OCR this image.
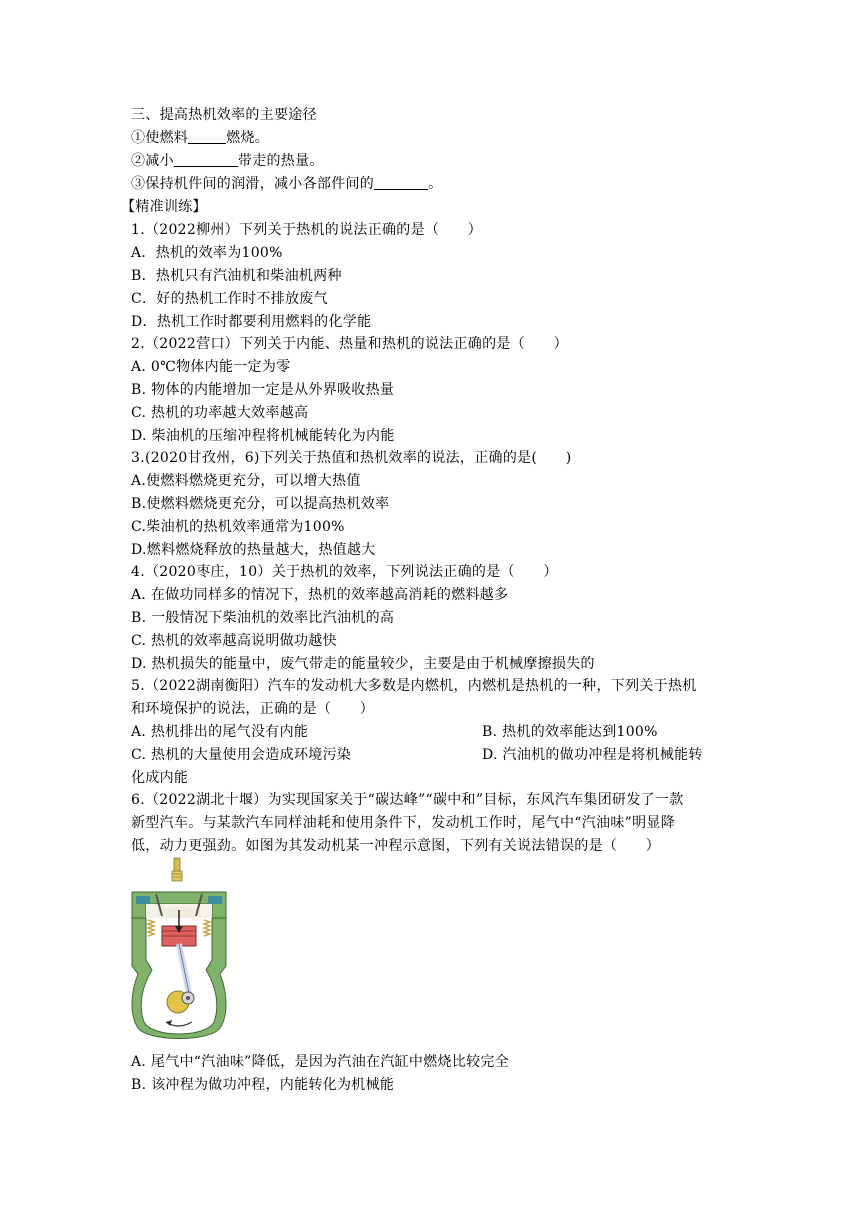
三、提高热机效率的主要途径
①使燃料	燃烧。
②减小	带走的热量。
③保持机件间的润滑，减小各部件间的	。
【精准训练】
1.（2022柳州）下列关于热机的说法正确的是（　　）
A．热机的效率为100%
B．热机只有汽油机和柴油机两种
C．好的热机工作时不排放废气
D．热机工作时都要利用燃料的化学能
2.（2022营口）下列关于内能、热量和热机的说法正确的是（　　）
A. 0℃物体内能一定为零
B. 物体的内能增加一定是从外界吸收热量
C. 热机的功率越大效率越高
D. 柴油机的压缩冲程将机械能转化为内能
3.(2020甘孜州，6)下列关于热值和热机效率的说法，正确的是(　　)
A.使燃料燃烧更充分，可以增大热值
B.使燃料燃烧更充分，可以提高热机效率
C.柴油机的热机效率通常为100%
D.燃料燃烧释放的热量越大，热值越大
4.（2020枣庄，10）关于热机的效率，下列说法正确的是（　　）
A. 在做功同样多的情况下，热机的效率越高消耗的燃料越多
B. 一般情况下柴油机的效率比汽油机的高
C. 热机的效率越高说明做功越快
D. 热机损失的能量中，废气带走的能量较少，主要是由于机械摩擦损失的
5.（2022湖南衡阳）汽车的发动机大多数是内燃机，内燃机是热机的一种，下列关于热机
和环境保护的说法，正确的是（　　）
A. 热机排出的尾气没有内能	B. 热机的效率能达到100%
C. 热机的大量使用会造成环境污染	D. 汽油机的做功冲程是将机械能转
化成内能
6.（2022湖北十堰）为实现国家关于“碳达峰”“碳中和”目标，东风汽车集团研发了一款
新型汽车。与某款汽车同样油耗和使用条件下，发动机工作时，尾气中“汽油味”明显降
低，动力更强劲。如图为其发动机某一冲程示意图，下列有关说法错误的是（　　）
A. 尾气中“汽油味”降低，是因为汽油在汽缸中燃烧比较完全
B. 该冲程为做功冲程，内能转化为机械能
